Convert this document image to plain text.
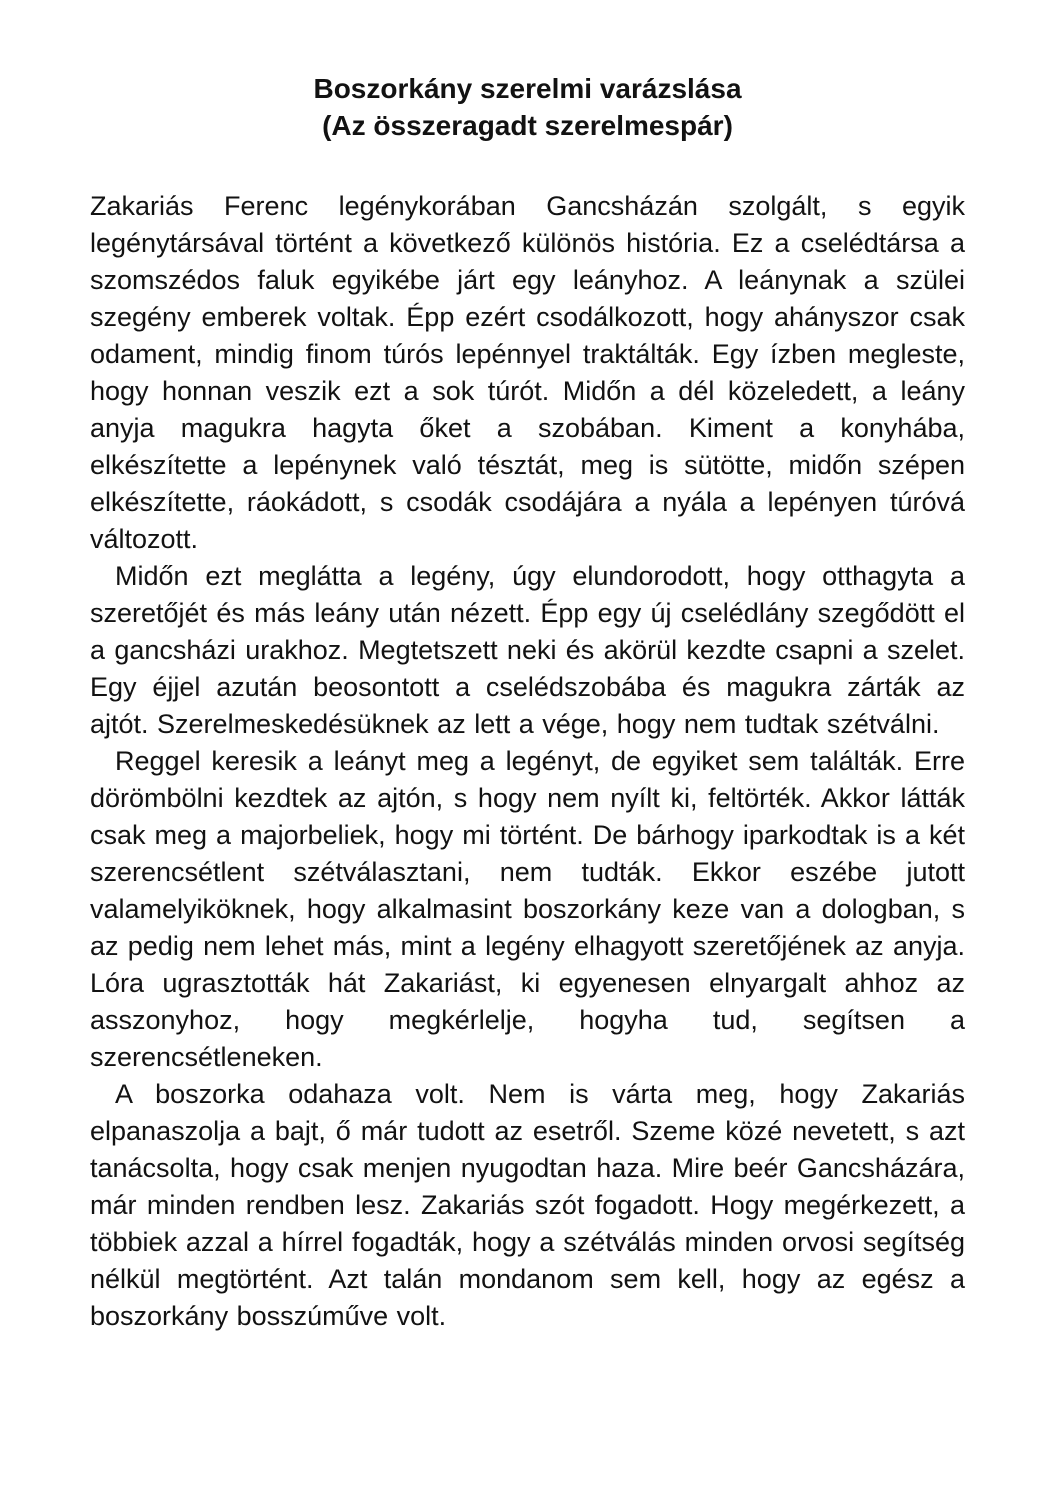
Boszorkány szerelmi varázslása
(Az összeragadt szerelmespár)

Zakariás Ferenc legénykorában Gancsházán szolgált, s egyik legénytársával történt a következő különös história. Ez a cselédtársa a szomszédos faluk egyikébe járt egy leányhoz. A leánynak a szülei szegény emberek voltak. Épp ezért csodálkozott, hogy ahányszor csak odament, mindig finom túrós lepénnyel traktálták. Egy ízben megleste, hogy honnan veszik ezt a sok túrót. Midőn a dél közeledett, a leány anyja magukra hagyta őket a szobában. Kiment a konyhába, elkészítette a lepénynek való tésztát, meg is sütötte, midőn szépen elkészítette, ráokádott, s csodák csodájára a nyála a lepényen túróvá változott.

Midőn ezt meglátta a legény, úgy elundorodott, hogy otthagyta a szeretőjét és más leány után nézett. Épp egy új cselédlány szegődött el a gancsházi urakhoz. Megtetszett neki és akörül kezdte csapni a szelet. Egy éjjel azután beosontott a cselédszobába és magukra zárták az ajtót. Szerelmeskedésüknek az lett a vége, hogy nem tudtak szétválni.

Reggel keresik a leányt meg a legényt, de egyiket sem találták. Erre dörömbölni kezdtek az ajtón, s hogy nem nyílt ki, feltörték. Akkor látták csak meg a majorbeliek, hogy mi történt. De bárhogy iparkodtak is a két szerencsétlent szétválasztani, nem tudták. Ekkor eszébe jutott valamelyiköknek, hogy alkalmasint boszorkány keze van a dologban, s az pedig nem lehet más, mint a legény elhagyott szeretőjének az anyja. Lóra ugrasztották hát Zakariást, ki egyenesen elnyargalt ahhoz az asszonyhoz, hogy megkérlelje, hogyha tud, segítsen a szerencsétleneken.

A boszorka odahaza volt. Nem is várta meg, hogy Zakariás elpanaszolja a bajt, ő már tudott az esetről. Szeme közé nevetett, s azt tanácsolta, hogy csak menjen nyugodtan haza. Mire beér Gancsházára, már minden rendben lesz. Zakariás szót fogadott. Hogy megérkezett, a többiek azzal a hírrel fogadták, hogy a szétválás minden orvosi segítség nélkül megtörtént. Azt talán mondanom sem kell, hogy az egész a boszorkány bosszúműve volt.
